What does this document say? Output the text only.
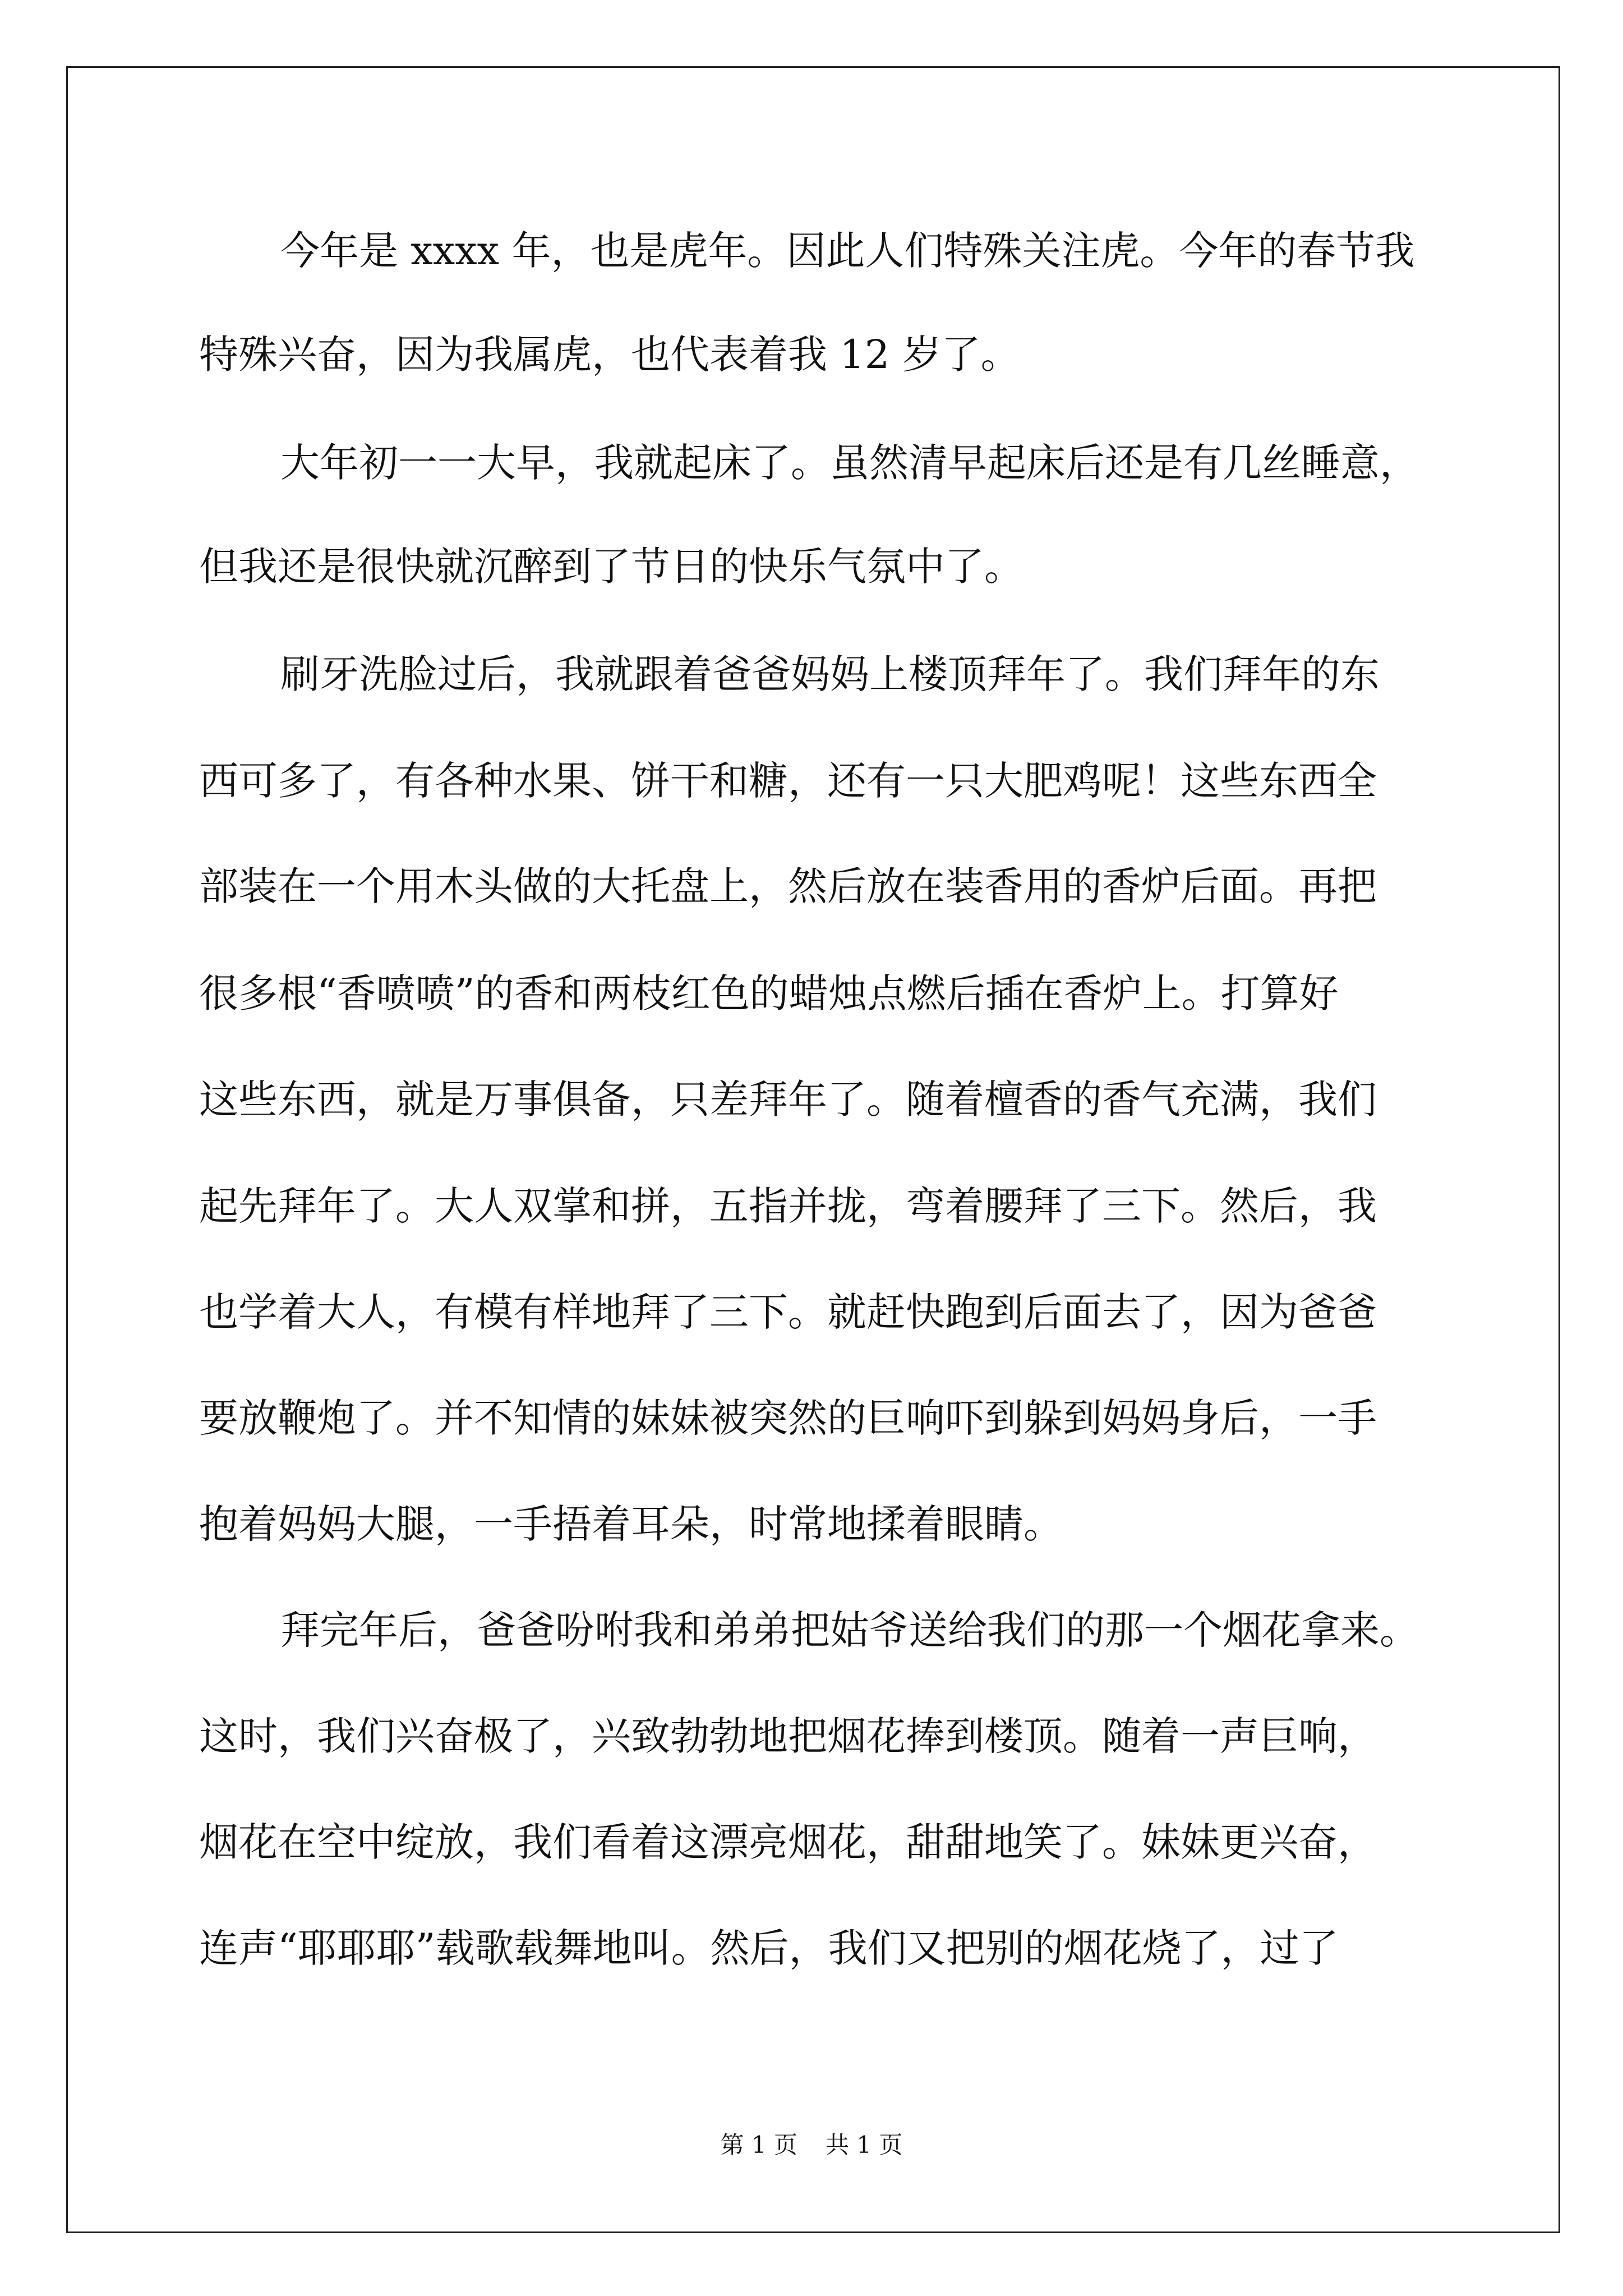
今年是 xxxx 年，也是虎年。因此人们特殊关注虎。今年的春节我
特殊兴奋，因为我属虎，也代表着我 12 岁了。
大年初一一大早，我就起床了。虽然清早起床后还是有几丝睡意，
但我还是很快就沉醉到了节日的快乐气氛中了。
刷牙洗脸过后，我就跟着爸爸妈妈上楼顶拜年了。我们拜年的东
西可多了，有各种水果、饼干和糖，还有一只大肥鸡呢！这些东西全
部装在一个用木头做的大托盘上，然后放在装香用的香炉后面。再把
很多根“香喷喷”的香和两枝红色的蜡烛点燃后插在香炉上。打算好
这些东西，就是万事俱备，只差拜年了。随着檀香的香气充满，我们
起先拜年了。大人双掌和拼，五指并拢，弯着腰拜了三下。然后，我
也学着大人，有模有样地拜了三下。就赶快跑到后面去了，因为爸爸
要放鞭炮了。并不知情的妹妹被突然的巨响吓到躲到妈妈身后，一手
抱着妈妈大腿，一手捂着耳朵，时常地揉着眼睛。
拜完年后，爸爸吩咐我和弟弟把姑爷送给我们的那一个烟花拿来。
这时，我们兴奋极了，兴致勃勃地把烟花捧到楼顶。随着一声巨响，
烟花在空中绽放，我们看着这漂亮烟花，甜甜地笑了。妹妹更兴奋，
连声“耶耶耶”载歌载舞地叫。然后，我们又把别的烟花烧了，过了
第 1 页 共 1 页
